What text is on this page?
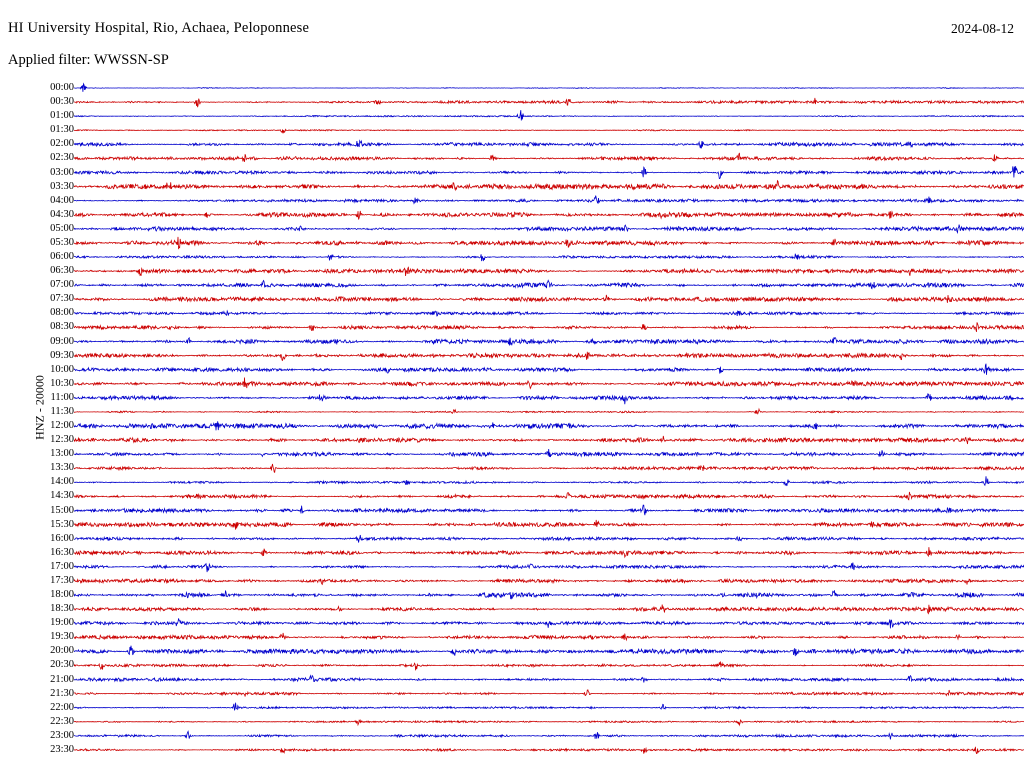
HI University Hospital, Rio, Achaea, Peloponnese	2024-08-12
Applied filter: WWSSN-SP
HNZ - 20000
00:00
00:30
01:00
01:30
02:00
02:30
03:00
03:30
04:00
04:30
05:00
05:30
06:00
06:30
07:00
07:30
08:00
08:30
09:00
09:30
10:00
10:30
11:00
11:30
12:00
12:30
13:00
13:30
14:00
14:30
15:00
15:30
16:00
16:30
17:00
17:30
18:00
18:30
19:00
19:30
20:00
20:30
21:00
21:30
22:00
22:30
23:00
23:30
